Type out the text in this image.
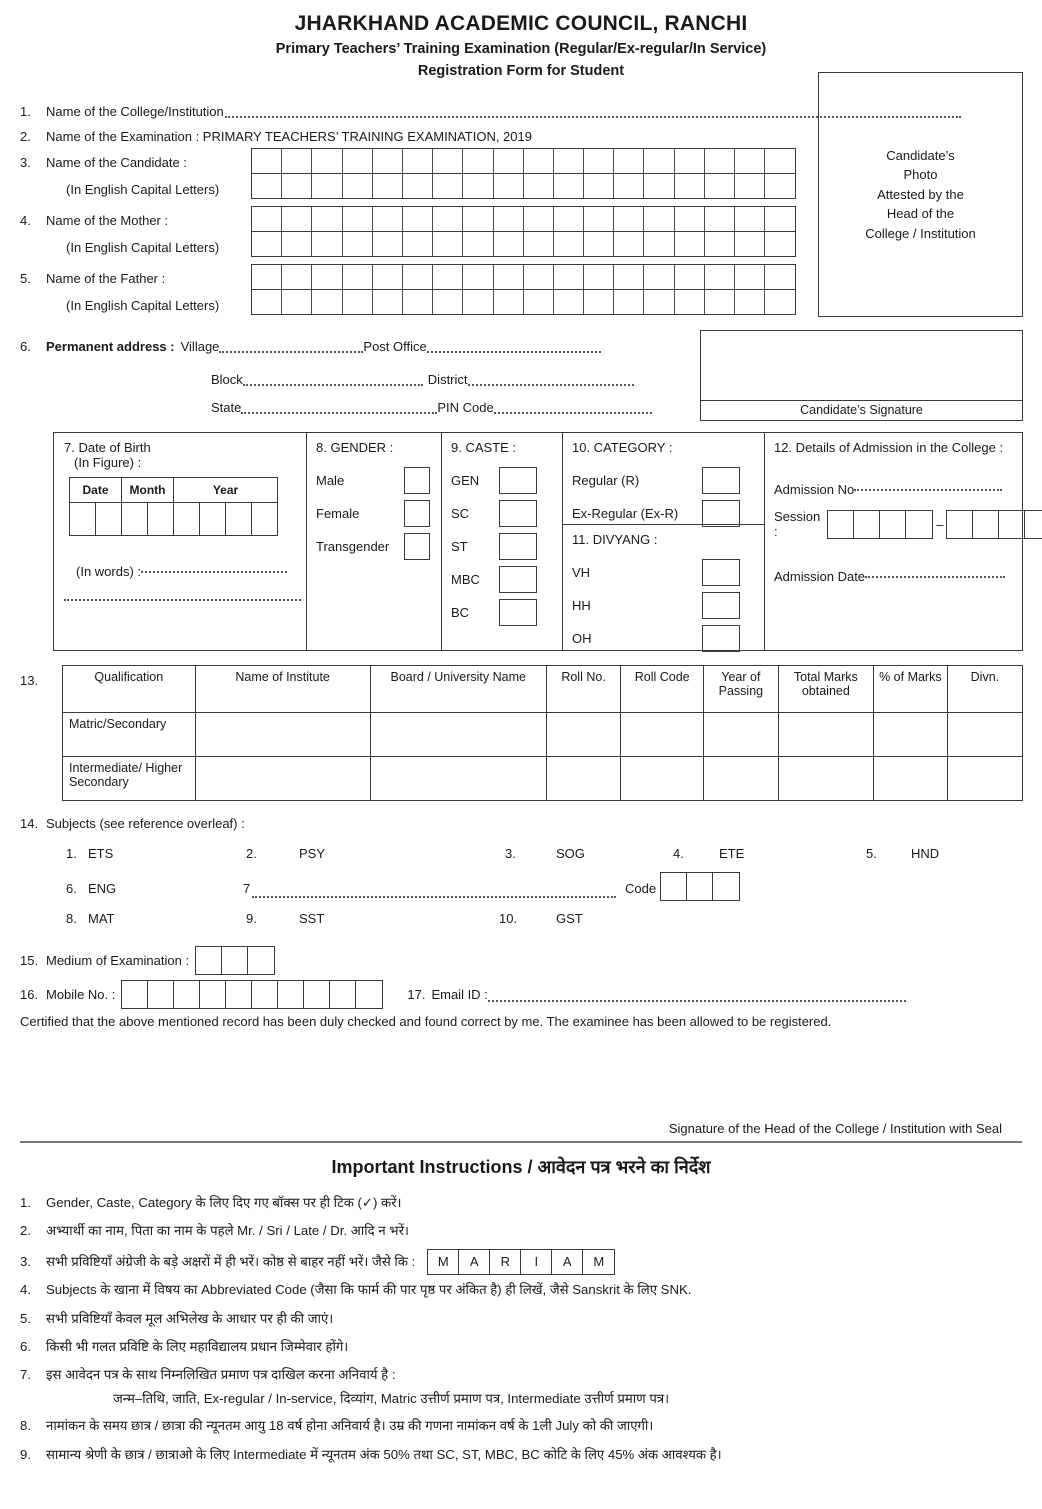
JHARKHAND ACADEMIC COUNCIL, RANCHI
Primary Teachers’ Training Examination (Regular/Ex-regular/In Service)
Registration Form for Student
Candidate’s
Photo
Attested by the
Head of the
College / Institution
Candidate’s Signature
1.	Name of the College/Institution
2.	Name of the Examination : PRIMARY TEACHERS’ TRAINING EXAMINATION, 2019
3.	Name of the Candidate :
(In English Capital Letters)
4.	Name of the Mother :
(In English Capital Letters)
5.	Name of the Father :
(In English Capital Letters)
6.	Permanent address : Village	Post Office
Block	District
State	PIN Code
7. Date of Birth
(In Figure) :
Date		Month		Year			

(In words) :
8. GENDER :
Male
Female
Transgender
9. CASTE :
GEN
SC
ST
MBC
BC
10. CATEGORY :
Regular (R)
Ex-Regular (Ex-R)
11. DIVYANG :
VH
HH
OH
12. Details of Admission in the College :
Admission No
Session :	–
Admission Date
13.	Qualification	Name of Institute	Board / University Name	Roll No.	Roll Code	Year of Passing	Total Marks obtained	% of Marks	Divn.
Matric/Secondary								
Intermediate/ Higher Secondary								
14. Subjects (see reference overleaf) :
1. ETS	2.	PSY	3.	SOG	4.	ETE	5.	HND
6. ENG	7	Code
8. MAT	9.	SST	10.	GST
15. Medium of Examination :
16. Mobile No. :	17. Email ID :
Certified that the above mentioned record has been duly checked and found correct by me. The examinee has been allowed to be registered.
Signature of the Head of the College / Institution with Seal
Important Instructions / आवेदन पत्र भरने का निर्देश
1.	Gender, Caste, Category के लिए दिए गए बॉक्स पर ही टिक (✓) करें।
2.	अभ्यार्थी का नाम, पिता का नाम के पहले Mr. / Sri / Late / Dr. आदि न भरें।
3.	सभी प्रविष्टियाँ अंग्रेजी के बड़े अक्षरों में ही भरें। कोष्ठ से बाहर नहीं भरें। जैसे कि :	M	A	R	I	A	M
4.	Subjects के खाना में विषय का Abbreviated Code (जैसा कि फार्म की पार पृष्ठ पर अंकित है) ही लिखें, जैसे Sanskrit के लिए SNK.
5.	सभी प्रविष्टियाँ केवल मूल अभिलेख के आधार पर ही की जाएं।
6.	किसी भी गलत प्रविष्टि के लिए महाविद्यालय प्रधान जिम्मेवार होंगे।
7.	इस आवेदन पत्र के साथ निम्नलिखित प्रमाण पत्र दाखिल करना अनिवार्य है :
जन्म–तिथि, जाति, Ex-regular / In-service, दिव्यांग, Matric उत्तीर्ण प्रमाण पत्र, Intermediate उत्तीर्ण प्रमाण पत्र।
8.	नामांकन के समय छात्र / छात्रा की न्यूनतम आयु 18 वर्ष होना अनिवार्य है। उम्र की गणना नामांकन वर्ष के 1ली July को की जाएगी।
9.	सामान्य श्रेणी के छात्र / छात्राओ के लिए Intermediate में न्यूनतम अंक 50% तथा SC, ST, MBC, BC कोटि के लिए 45% अंक आवश्यक है।
